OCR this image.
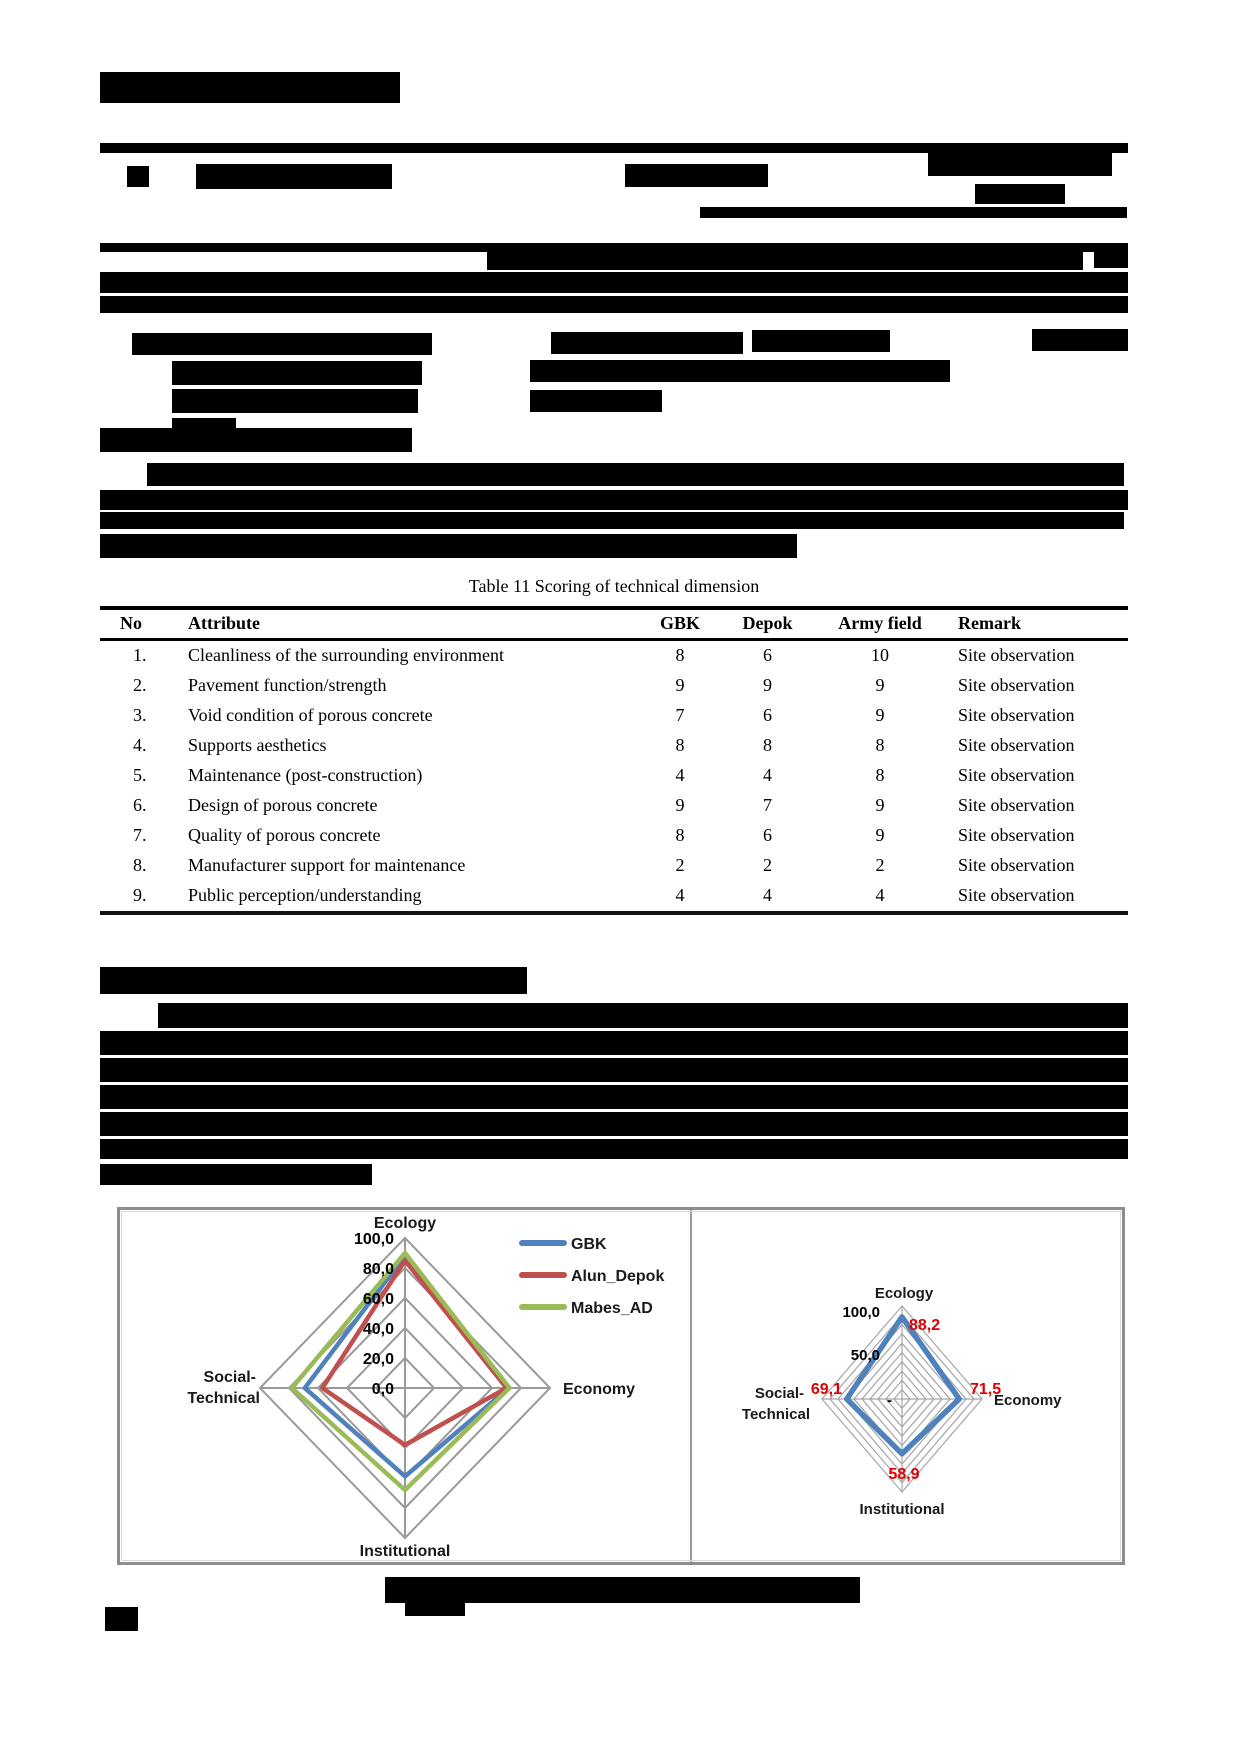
Table 11 Scoring of technical dimension
No	Attribute	GBK	Depok	Army field	Remark
1.	Cleanliness of the surrounding environment	8	6	10	Site observation
2.	Pavement function/strength	9	9	9	Site observation
3.	Void condition of porous concrete	7	6	9	Site observation
4.	Supports aesthetics	8	8	8	Site observation
5.	Maintenance (post-construction)	4	4	8	Site observation
6.	Design of porous concrete	9	7	9	Site observation
7.	Quality of porous concrete	8	6	9	Site observation
8.	Manufacturer support for maintenance	2	2	2	Site observation
9.	Public perception/understanding	4	4	4	Site observation
100,0
80,0
60,0
40,0
20,0
0,0
Ecology
Economy
Institutional
Social-
Technical
GBK
Alun_Depok
Mabes_AD	100,0
50,0
-
Ecology
Economy
Institutional
Social-
Technical
88,2
71,5
58,9
69,1
